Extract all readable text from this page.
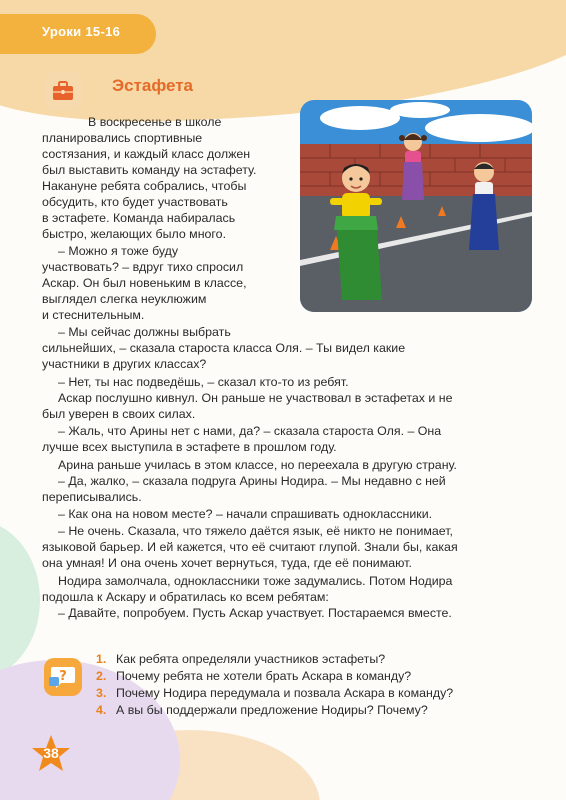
Уроки 15-16
Эстафета
В воскресенье в школе
планировались спортивные
состязания, и каждый класс должен
был выставить команду на эстафету.
Накануне ребята собрались, чтобы
обсудить, кто будет участвовать
в эстафете. Команда набиралась
быстро, желающих было много.
– Можно я тоже буду
участвовать? – вдруг тихо спросил
Аскар. Он был новеньким в классе,
выглядел слегка неуклюжим
и стеснительным.
– Мы сейчас должны выбрать
сильнейших, – сказала староста класса Оля. – Ты видел какие
участники в других классах?
– Нет, ты нас подведёшь, – сказал кто-то из ребят.
Аскар послушно кивнул. Он раньше не участвовал в эстафетах и не
был уверен в своих силах.
– Жаль, что Арины нет с нами, да? – сказала староста Оля. – Она
лучше всех выступила в эстафете в прошлом году.
Арина раньше училась в этом классе, но переехала в другую страну.
– Да, жалко, – сказала подруга Арины Нодира. – Мы недавно с ней
переписывались.
– Как она на новом месте? – начали спрашивать одноклассники.
– Не очень. Сказала, что тяжело даётся язык, её никто не понимает,
языковой барьер. И ей кажется, что её считают глупой. Знали бы, какая
она умная! И она очень хочет вернуться, туда, где её понимают.
Нодира замолчала, одноклассники тоже задумались. Потом Нодира
подошла к Аскару и обратилась ко всем ребятам:
– Давайте, попробуем. Пусть Аскар участвует. Постараемся вместе.
?
1. Как ребята определяли участников эстафеты?
2. Почему ребята не хотели брать Аскара в команду?
3. Почему Нодира передумала и позвала Аскара в команду?
4. А вы бы поддержали предложение Нодиры? Почему?
38
